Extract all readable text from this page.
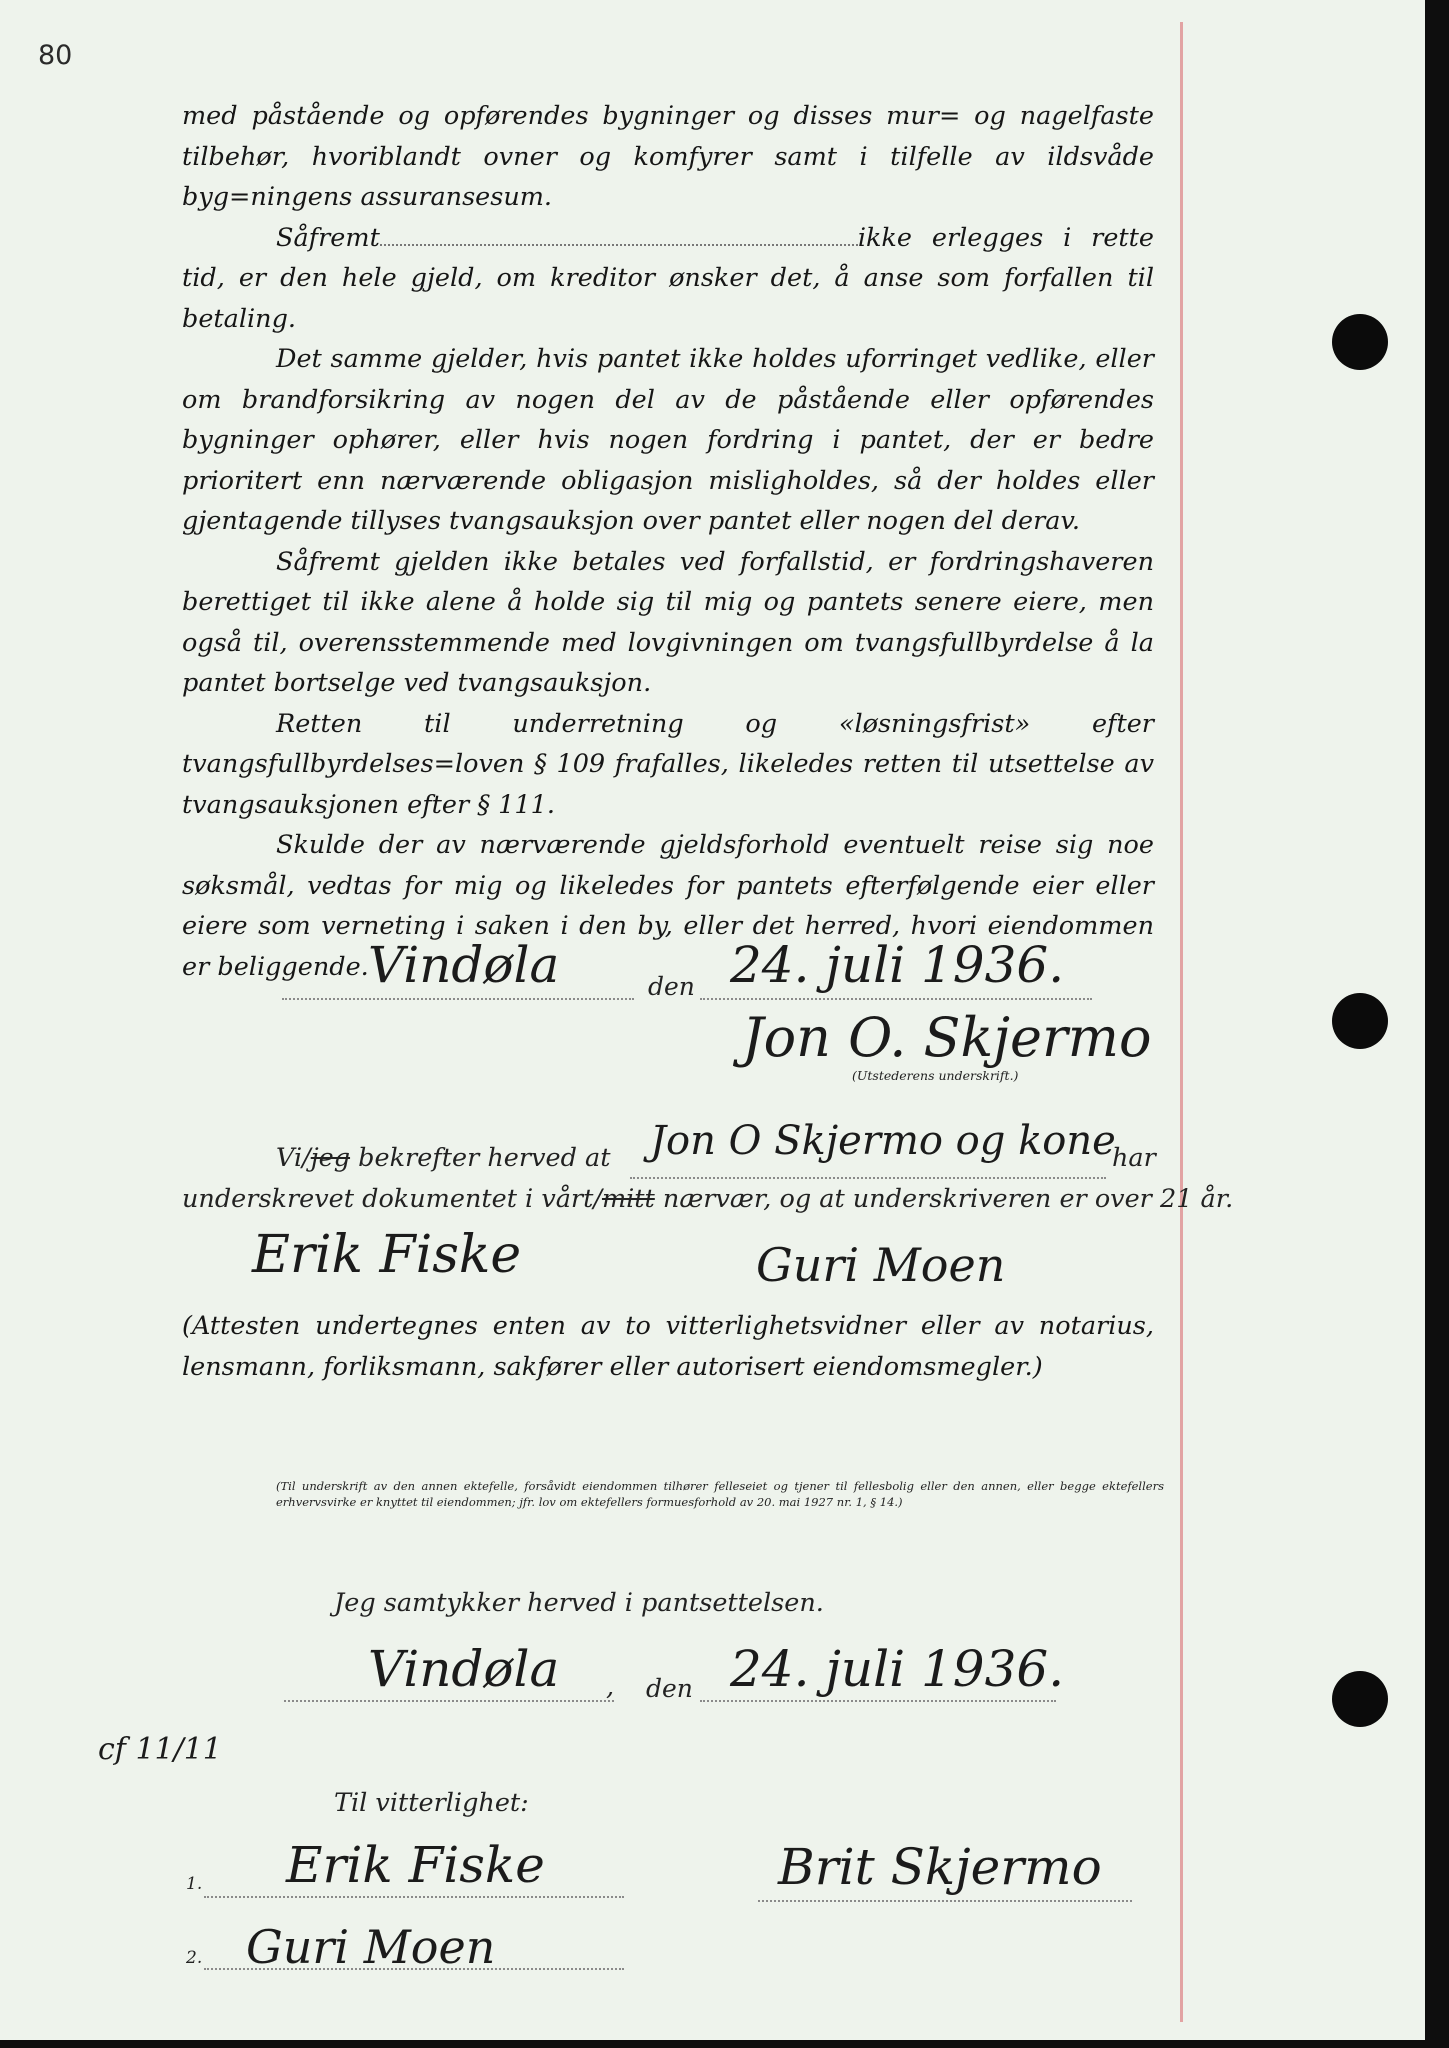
80

med påstående og opførendes bygninger og disses mur= og nagelfaste tilbehør, hvoriblandt ovner og komfyrer samt i tilfelle av ildsvåde byg=ningens assuransesum.

Såfremt	ikke erlegges i rette tid, er den hele gjeld, om kreditor ønsker det, å anse som forfallen til betaling.

Det samme gjelder, hvis pantet ikke holdes uforringet vedlike, eller om brandforsikring av nogen del av de påstående eller opførendes bygninger ophører, eller hvis nogen fordring i pantet, der er bedre prioritert enn nærværende obligasjon misligholdes, så der holdes eller gjentagende tillyses tvangsauksjon over pantet eller nogen del derav.

Såfremt gjelden ikke betales ved forfallstid, er fordringshaveren berettiget til ikke alene å holde sig til mig og pantets senere eiere, men også til, overensstemmende med lovgivningen om tvangsfullbyrdelse å la pantet bortselge ved tvangsauksjon.

Retten til underretning og «løsningsfrist» efter tvangsfullbyrdelses=loven § 109 frafalles, likeledes retten til utsettelse av tvangsauksjonen efter § 111.

Skulde der av nærværende gjeldsforhold eventuelt reise sig noe søksmål, vedtas for mig og likeledes for pantets efterfølgende eier eller eiere som verneting i saken i den by, eller det herred, hvori eiendommen er beliggende. Vindøla	den 24. juli 1936.
Jon O. Skjermo
(Utstederens underskrift.)
Vi/jeg bekrefter herved at Jon O Skjermo og kone
har
underskrevet dokumentet i vårt/mitt nærvær, og at underskriveren er over 21 år.
Erik Fiske	Guri Moen

(Attesten undertegnes enten av to vitterlighetsvidner eller av notarius, lensmann, forliksmann, sakfører eller autorisert eiendomsmegler.)

(Til underskrift av den annen ektefelle, forsåvidt eiendommen tilhører felleseiet og tjener til fellesbolig eller den annen, eller begge ektefellers erhvervsvirke er knyttet til eiendommen; jfr. lov om ektefellers formuesforhold av 20. mai 1927 nr. 1, § 14.)
Jeg samtykker herved i pantsettelsen.
Vindøla , den 24. juli 1936.
cf 11/11
Til vitterlighet:
1. Erik Fiske
2. Guri Moen
Brit Skjermo
